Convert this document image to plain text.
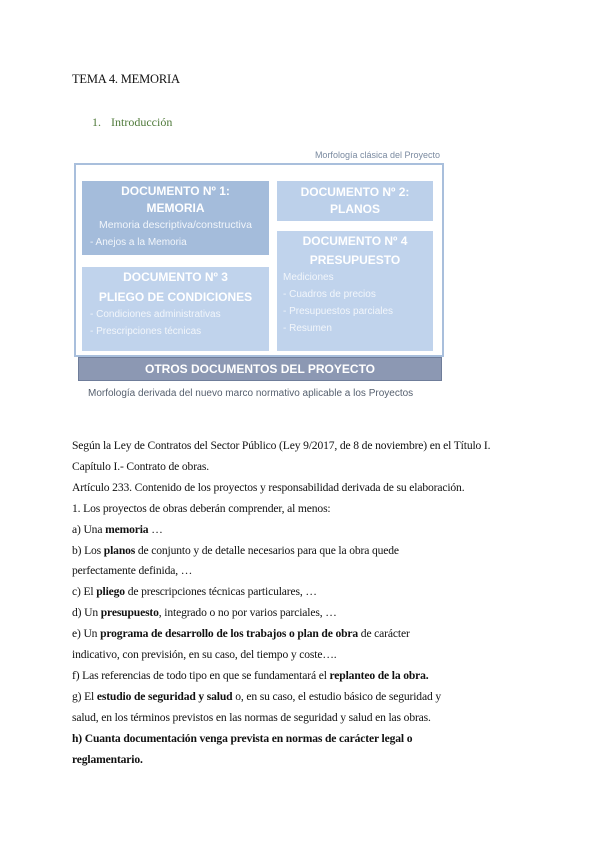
TEMA 4. MEMORIA
1. Introducción
Morfología clásica del Proyecto
DOCUMENTO Nº 1:
MEMORIA
Memoria descriptiva/constructiva
- Anejos a la Memoria
DOCUMENTO Nº 2:
PLANOS
DOCUMENTO Nº 4
PRESUPUESTO
Mediciones
- Cuadros de precios
- Presupuestos parciales
- Resumen
DOCUMENTO Nº 3
PLIEGO DE CONDICIONES
- Condiciones administrativas
- Prescripciones técnicas
OTROS DOCUMENTOS DEL PROYECTO
Morfología derivada del nuevo marco normativo aplicable a los Proyectos

Según la Ley de Contratos del Sector Público (Ley 9/2017, de 8 de noviembre) en el Título I.

Capítulo I.- Contrato de obras.

Artículo 233. Contenido de los proyectos y responsabilidad derivada de su elaboración.

1. Los proyectos de obras deberán comprender, al menos:

a) Una memoria …

b) Los planos de conjunto y de detalle necesarios para que la obra quede

perfectamente definida, …

c) El pliego de prescripciones técnicas particulares, …

d) Un presupuesto, integrado o no por varios parciales, …

e) Un programa de desarrollo de los trabajos o plan de obra de carácter

indicativo, con previsión, en su caso, del tiempo y coste….

f) Las referencias de todo tipo en que se fundamentará el replanteo de la obra.

g) El estudio de seguridad y salud o, en su caso, el estudio básico de seguridad y

salud, en los términos previstos en las normas de seguridad y salud en las obras.

h) Cuanta documentación venga prevista en normas de carácter legal o

reglamentario.
